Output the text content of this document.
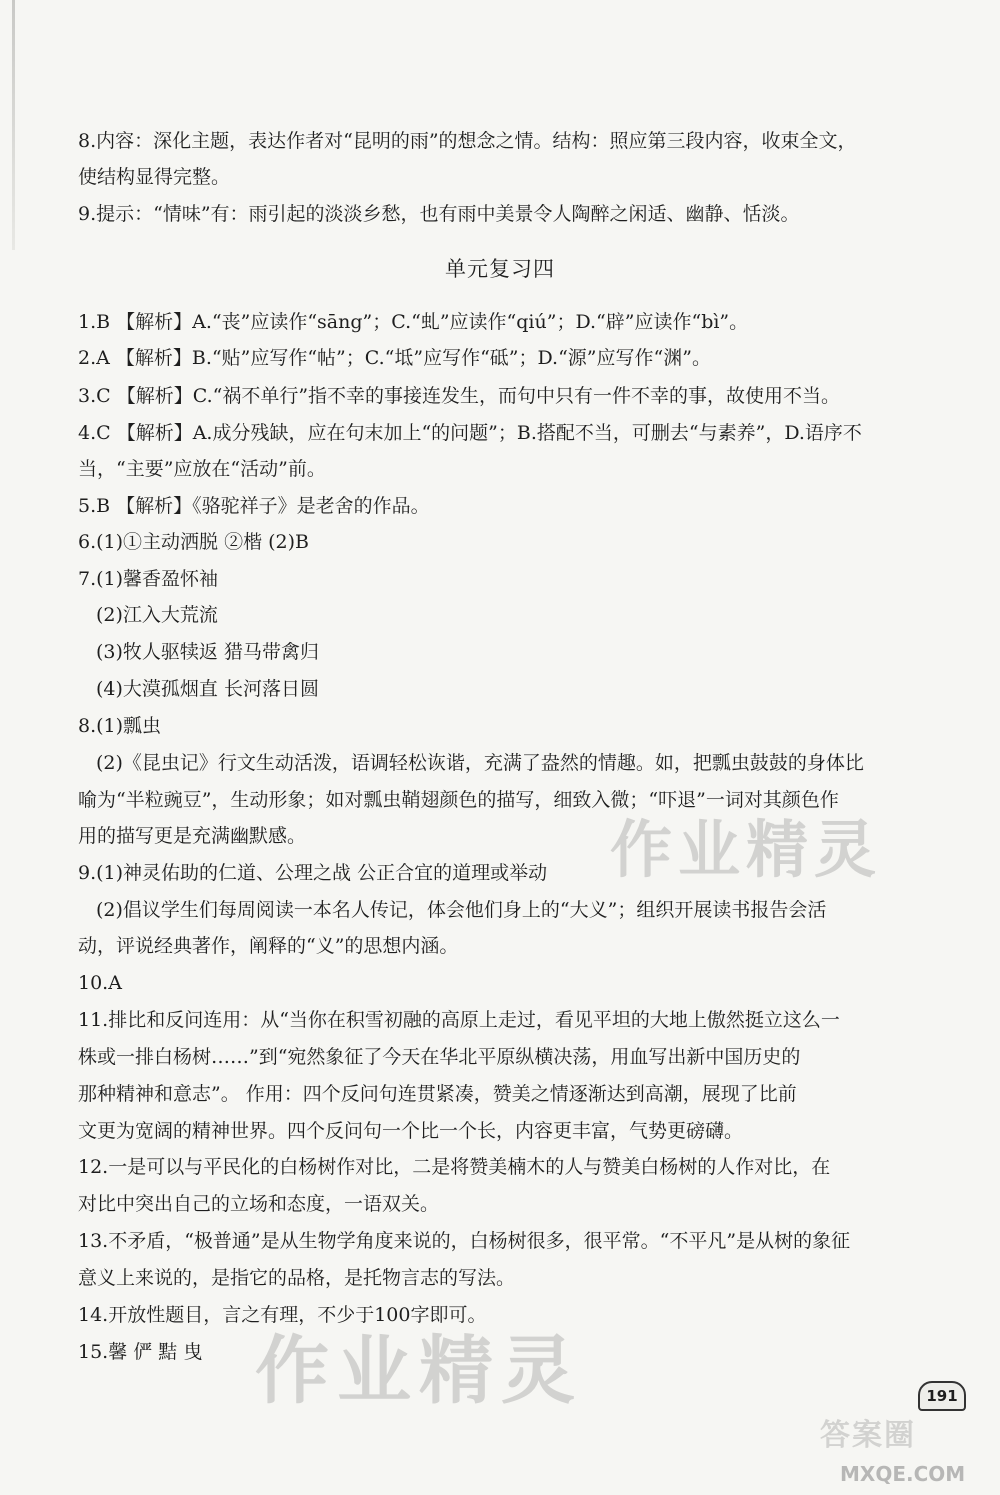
8.内容：深化主题，表达作者对“昆明的雨”的想念之情。结构：照应第三段内容，收束全文，
使结构显得完整。
9.提示：“情味”有：雨引起的淡淡乡愁，也有雨中美景令人陶醉之闲适、幽静、恬淡。
单元复习四
1.B 【解析】A.“丧”应读作“sāng”；C.“虬”应读作“qiú”；D.“辟”应读作“bì”。
2.A 【解析】B.“贴”应写作“帖”；C.“坻”应写作“砥”；D.“源”应写作“渊”。
3.C 【解析】C.“祸不单行”指不幸的事接连发生，而句中只有一件不幸的事，故使用不当。
4.C 【解析】A.成分残缺，应在句末加上“的问题”；B.搭配不当，可删去“与素养”，D.语序不
当，“主要”应放在“活动”前。
5.B 【解析】《骆驼祥子》是老舍的作品。
6.(1)①主动洒脱 ②楷 (2)B
7.(1)馨香盈怀袖
(2)江入大荒流
(3)牧人驱犊返 猎马带禽归
(4)大漠孤烟直 长河落日圆
8.(1)瓢虫
(2)《昆虫记》行文生动活泼，语调轻松诙谐，充满了盎然的情趣。如，把瓢虫鼓鼓的身体比
喻为“半粒豌豆”，生动形象；如对瓢虫鞘翅颜色的描写，细致入微；“吓退”一词对其颜色作
用的描写更是充满幽默感。
9.(1)神灵佑助的仁道、公理之战 公正合宜的道理或举动
(2)倡议学生们每周阅读一本名人传记，体会他们身上的“大义”；组织开展读书报告会活
动，评说经典著作，阐释的“义”的思想内涵。
10.A
11.排比和反问连用：从“当你在积雪初融的高原上走过，看见平坦的大地上傲然挺立这么一
株或一排白杨树……”到“宛然象征了今天在华北平原纵横决荡，用血写出新中国历史的
那种精神和意志”。 作用：四个反问句连贯紧凑，赞美之情逐渐达到高潮，展现了比前
文更为宽阔的精神世界。四个反问句一个比一个长，内容更丰富，气势更磅礴。
12.一是可以与平民化的白杨树作对比，二是将赞美楠木的人与赞美白杨树的人作对比，在
对比中突出自己的立场和态度，一语双关。
13.不矛盾，“极普通”是从生物学角度来说的，白杨树很多，很平常。“不平凡”是从树的象征
意义上来说的，是指它的品格，是托物言志的写法。
14.开放性题目，言之有理，不少于100字即可。
15.馨 俨 黠 曳
191
作业精灵
作业精灵
答案圈
MXQE.COM
